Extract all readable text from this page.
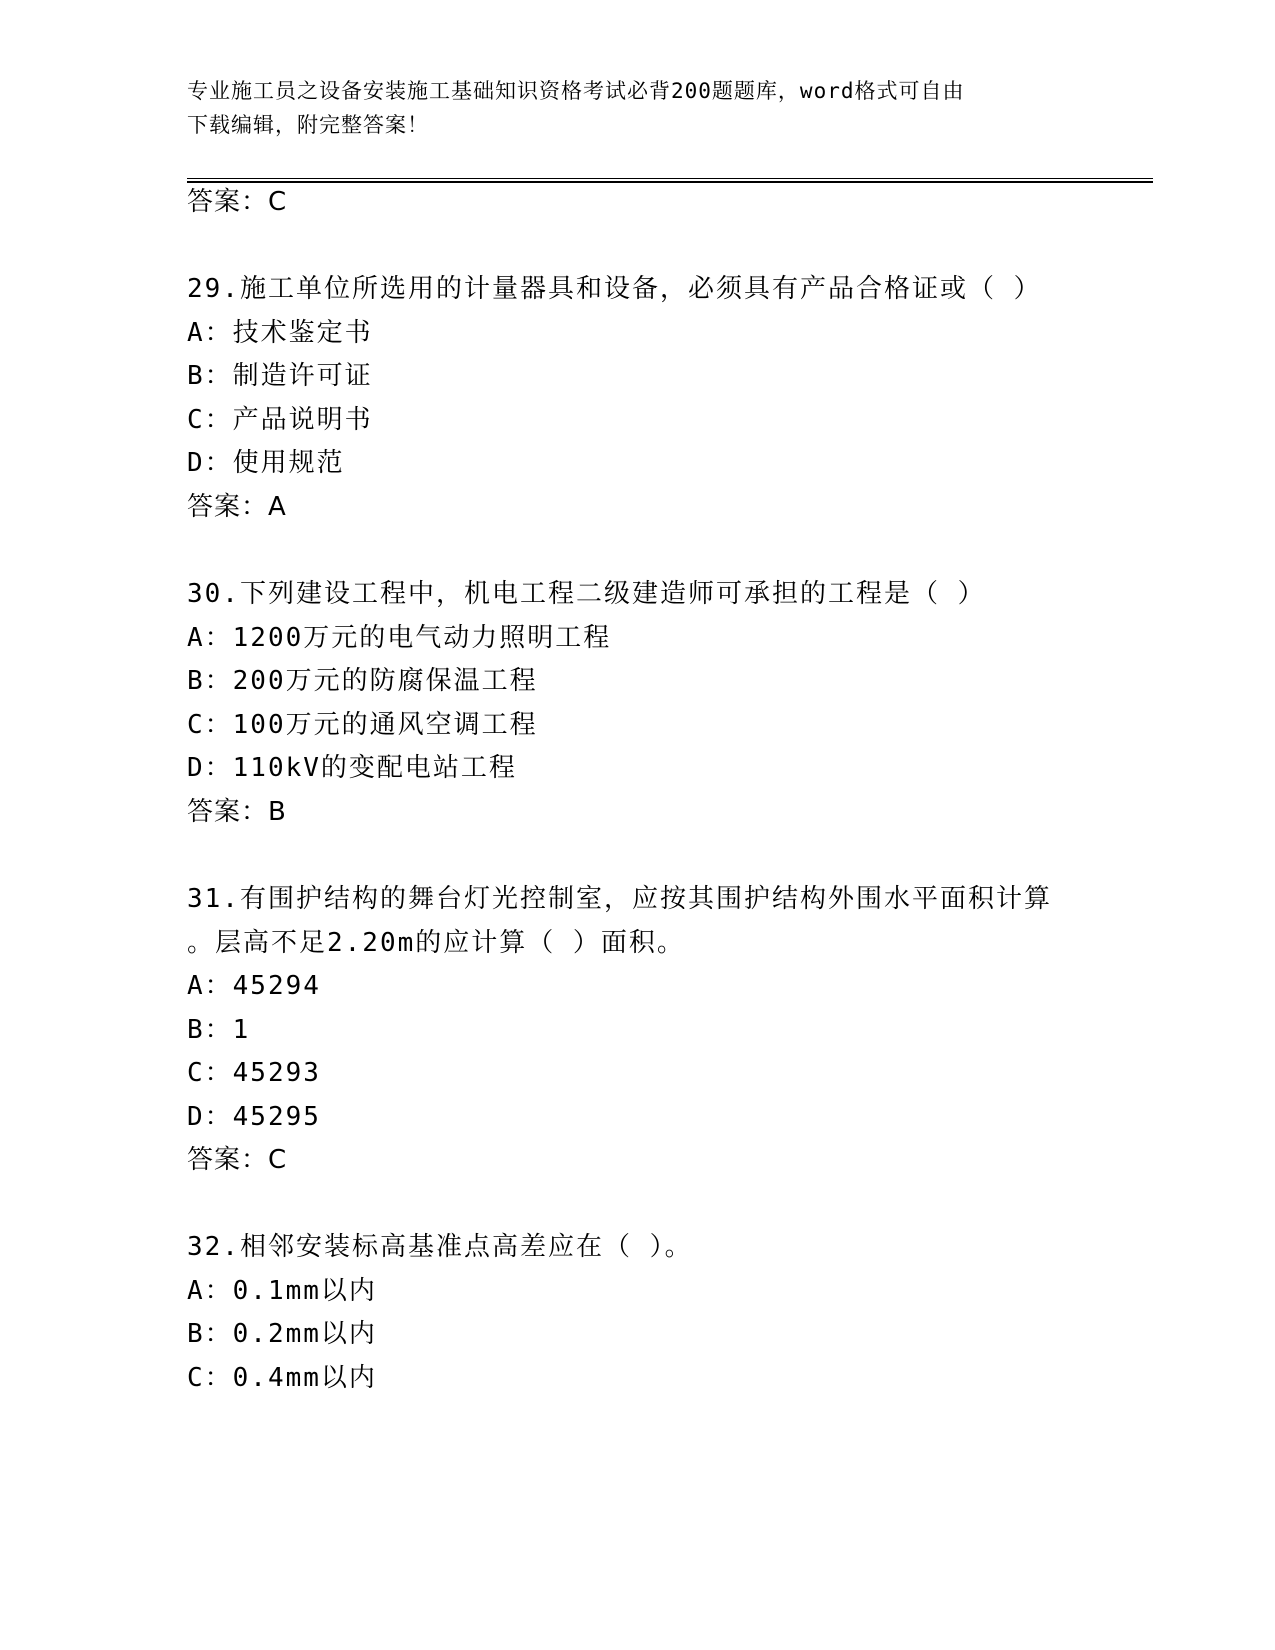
专业施工员之设备安装施工基础知识资格考试必背200题题库，word格式可自由
下载编辑，附完整答案！
答案：C
29.施工单位所选用的计量器具和设备，必须具有产品合格证或（ ）
A：技术鉴定书
B：制造许可证
C：产品说明书
D：使用规范
答案：A
30.下列建设工程中，机电工程二级建造师可承担的工程是（ ）
A：1200万元的电气动力照明工程
B：200万元的防腐保温工程
C：100万元的通风空调工程
D：110kV的变配电站工程
答案：B
31.有围护结构的舞台灯光控制室，应按其围护结构外围水平面积计算
。层高不足2.20m的应计算（ ）面积。
A：45294
B：1
C：45293
D：45295
答案：C
32.相邻安装标高基准点高差应在（ ）。
A：0.1mm以内
B：0.2mm以内
C：0.4mm以内
